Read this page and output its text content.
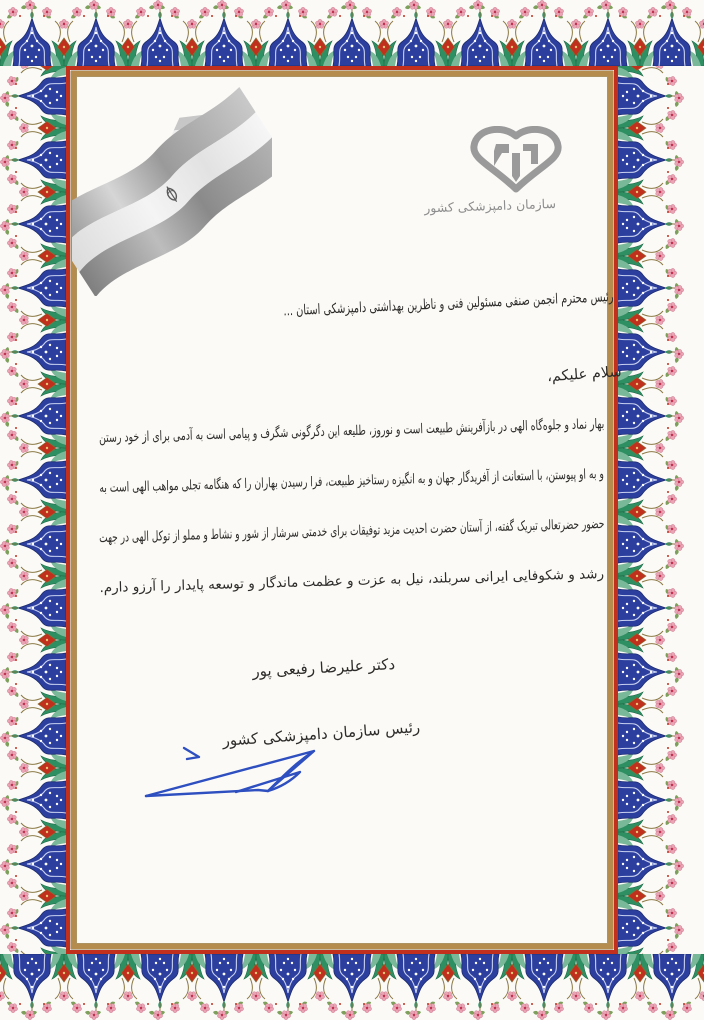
سازمان دامپزشکی کشور
رئیس محترم انجمن صنفی مسئولین فنی و ناظرین بهداشتی دامپزشکی استان ...
سلام علیکم،
بهار نماد و جلوه‌گاه الهی در بازآفرینش طبیعت است و نوروز، طلیعه این دگرگونی شگرف و پیامی است به آدمی برای از خود رستن
و به او پیوستن، با استعانت از آفریدگار جهان و به انگیزه رستاخیز طبیعت، فرا رسیدن بهاران را که هنگامه تجلی مواهب الهی است به
حضور حضرتعالی تبریک گفته، از آستان حضرت احدیت مزید توفیقات برای خدمتی سرشار از شور و نشاط و مملو از توکل الهی در جهت
رشد و شکوفایی ایرانی سربلند، نیل به عزت و عظمت ماندگار و توسعه پایدار را آرزو دارم.
دکتر علیرضا رفیعی پور
رئیس سازمان دامپزشکی کشور
